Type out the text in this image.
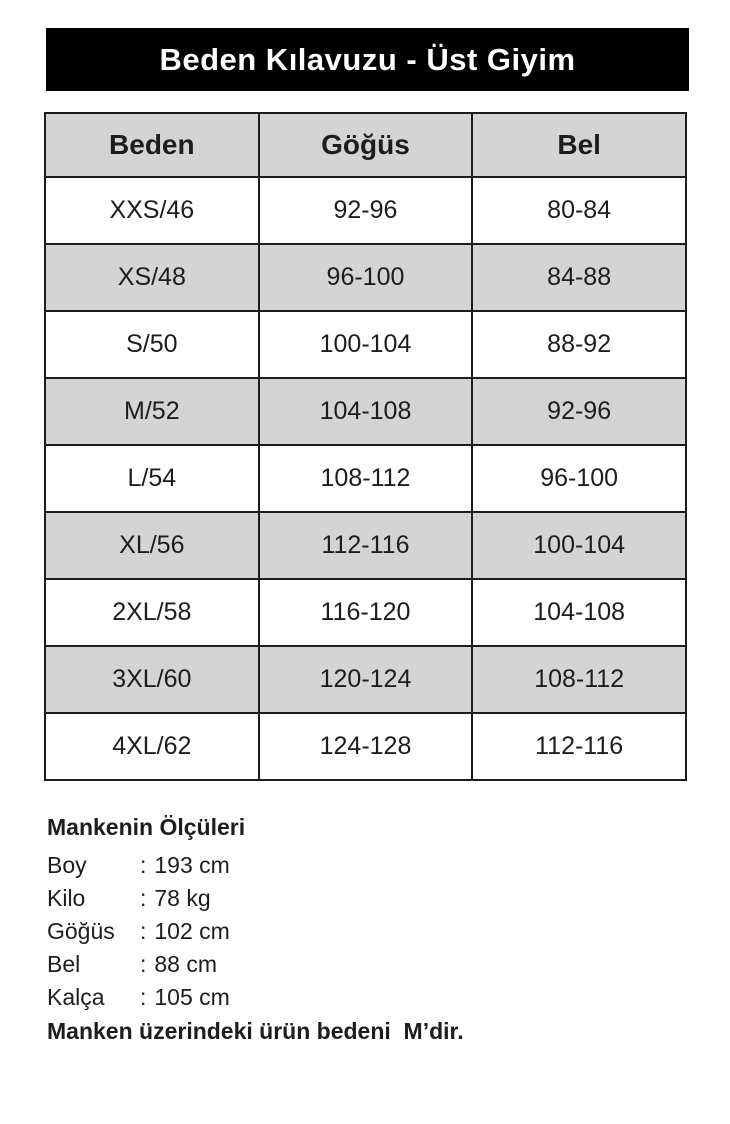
Beden Kılavuzu - Üst Giyim
Beden	Göğüs	Bel
XXS/46	92-96	80-84
XS/48	96-100	84-88
S/50	100-104	88-92
M/52	104-108	92-96
L/54	108-112	96-100
XL/56	112-116	100-104
2XL/58	116-120	104-108
3XL/60	120-124	108-112
4XL/62	124-128	112-116
Mankenin Ölçüleri
Boy	: 193 cm
Kilo	: 78 kg
Göğüs	: 102 cm
Bel	: 88 cm
Kalça	: 105 cm
Manken üzerindeki ürün bedeni  M’dir.
